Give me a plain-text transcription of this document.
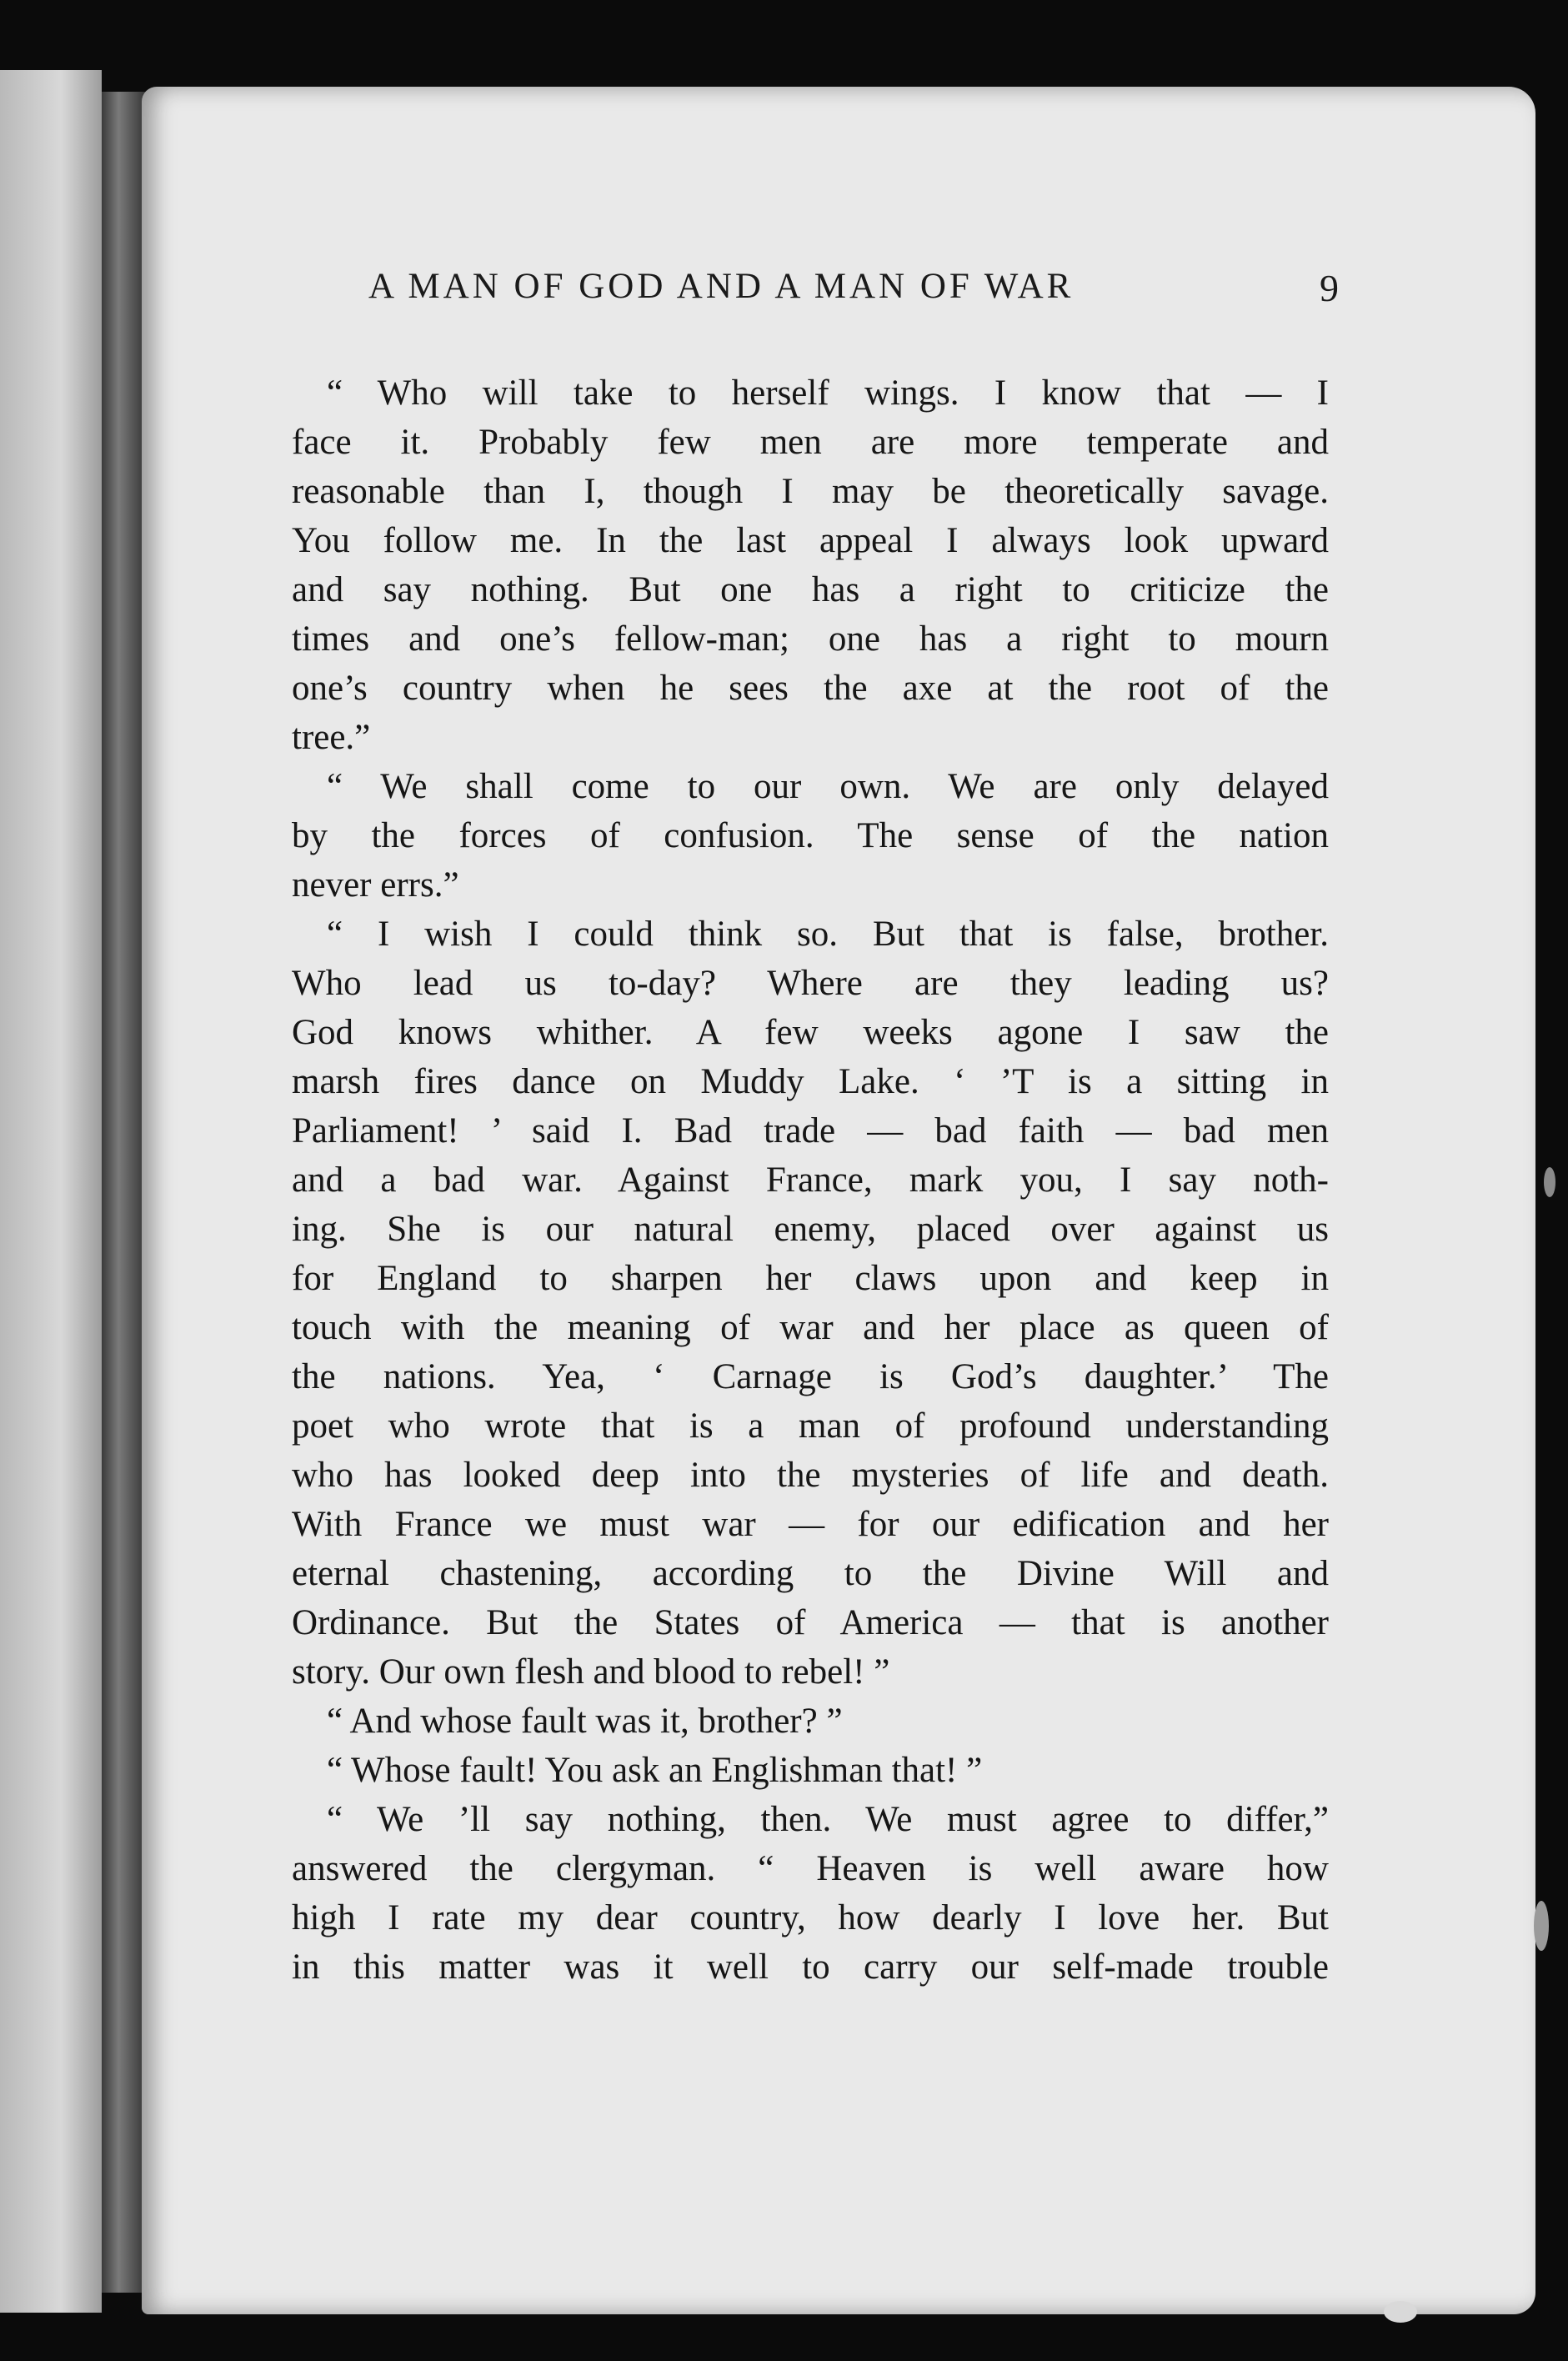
A MAN OF GOD AND A MAN OF WAR	9
“ Who will take to herself wings. I know that — I
face it. Probably few men are more temperate and
reasonable than I, though I may be theoretically savage.
You follow me. In the last appeal I always look upward
and say nothing. But one has a right to criticize the
times and one’s fellow-man; one has a right to mourn
one’s country when he sees the axe at the root of the
tree.”
“ We shall come to our own. We are only delayed
by the forces of confusion. The sense of the nation
never errs.”
“ I wish I could think so. But that is false, brother.
Who lead us to-day? Where are they leading us?
God knows whither. A few weeks agone I saw the
marsh fires dance on Muddy Lake. ‘ ’T is a sitting in
Parliament! ’ said I. Bad trade — bad faith — bad men
and a bad war. Against France, mark you, I say noth-
ing. She is our natural enemy, placed over against us
for England to sharpen her claws upon and keep in
touch with the meaning of war and her place as queen of
the nations. Yea, ‘ Carnage is God’s daughter.’ The
poet who wrote that is a man of profound understanding
who has looked deep into the mysteries of life and death.
With France we must war — for our edification and her
eternal chastening, according to the Divine Will and
Ordinance. But the States of America — that is another
story. Our own flesh and blood to rebel! ”
“ And whose fault was it, brother? ”
“ Whose fault! You ask an Englishman that! ”
“ We ’ll say nothing, then. We must agree to differ,”
answered the clergyman. “ Heaven is well aware how
high I rate my dear country, how dearly I love her. But
in this matter was it well to carry our self-made trouble
